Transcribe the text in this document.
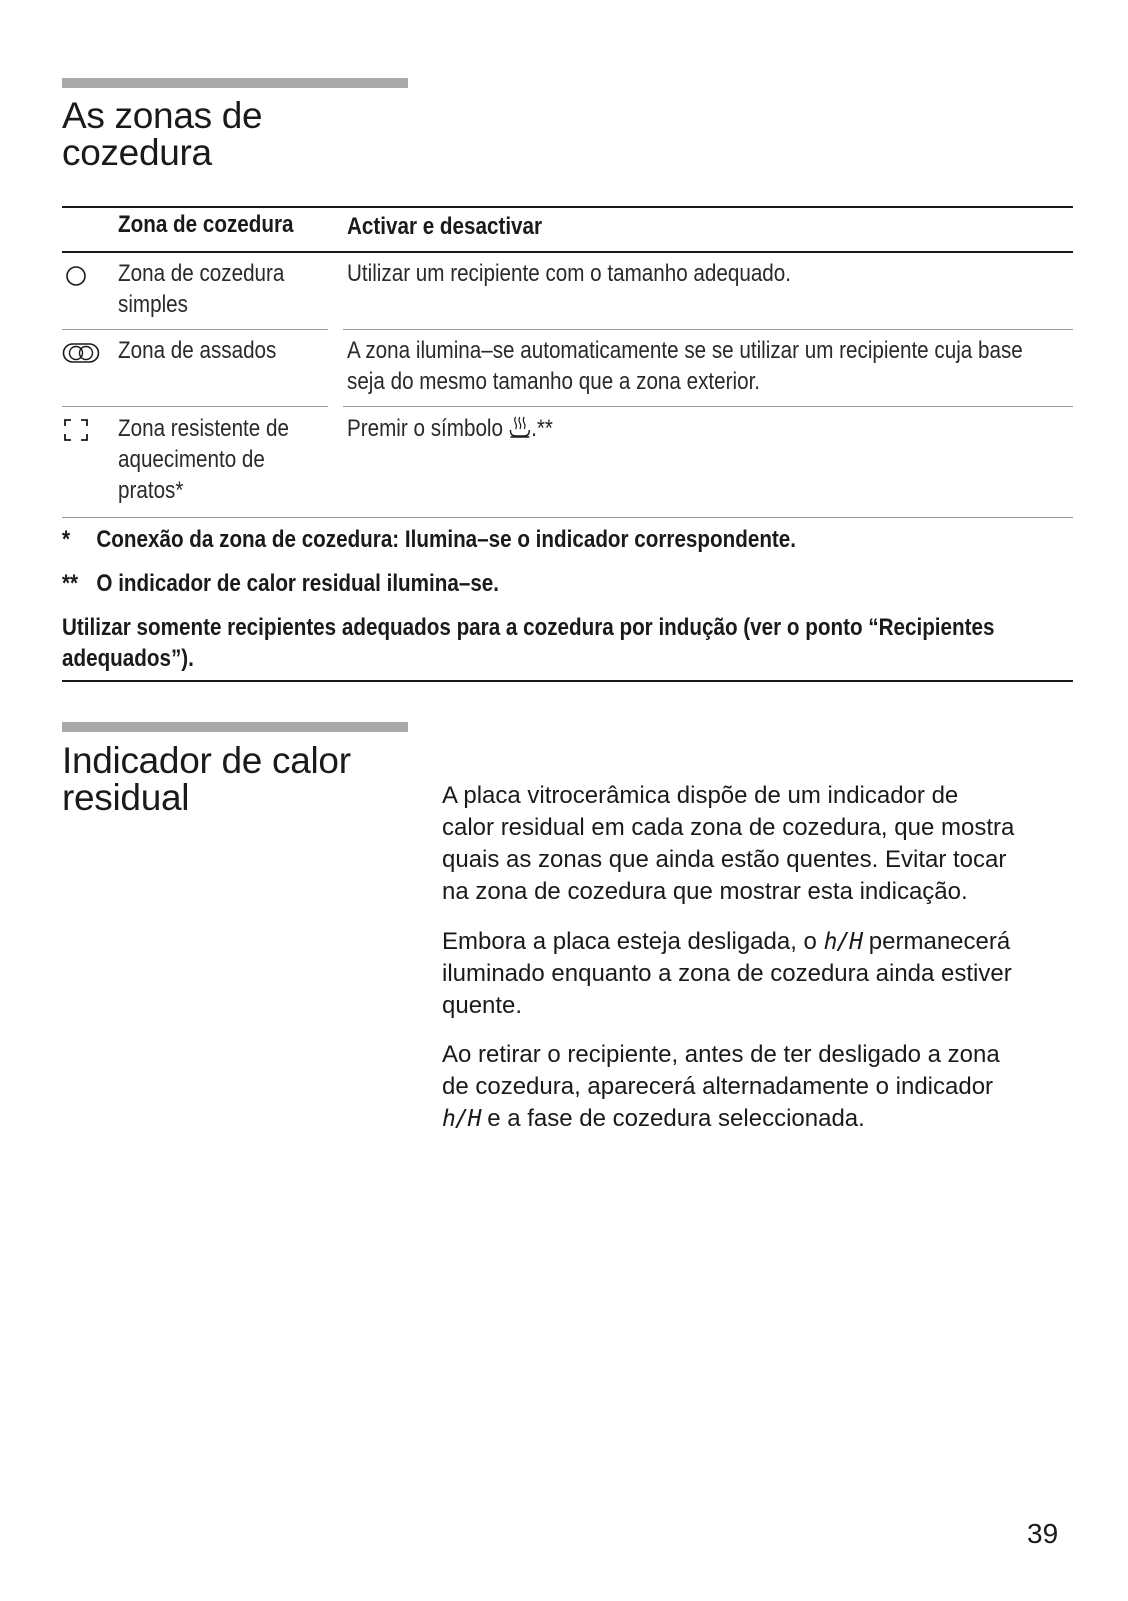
As zonas de
cozedura
Zona de cozedura Activar e desactivar
Zona de cozedura
simples
Utilizar um recipiente com o tamanho adequado.
Zona de assados	A zona ilumina–se automaticamente se se utilizar um recipiente cuja base
seja do mesmo tamanho que a zona exterior.
Zona resistente de
aquecimento de
pratos*
Premir o símbolo .**
* Conexão da zona de cozedura: Ilumina–se o indicador correspondente.
** O indicador de calor residual ilumina–se.
Utilizar somente recipientes adequados para a cozedura por indução (ver o ponto “Recipientes
adequados”).
Indicador de calor
residual	A placa vitrocerâmica dispõe de um indicador de
calor residual em cada zona de cozedura, que mostra
quais as zonas que ainda estão quentes. Evitar tocar
na zona de cozedura que mostrar esta indicação.

Embora a placa esteja desligada, o h/H permanecerá
iluminado enquanto a zona de cozedura ainda estiver
quente.

Ao retirar o recipiente, antes de ter desligado a zona
de cozedura, aparecerá alternadamente o indicador
h/H e a fase de cozedura seleccionada.

39
